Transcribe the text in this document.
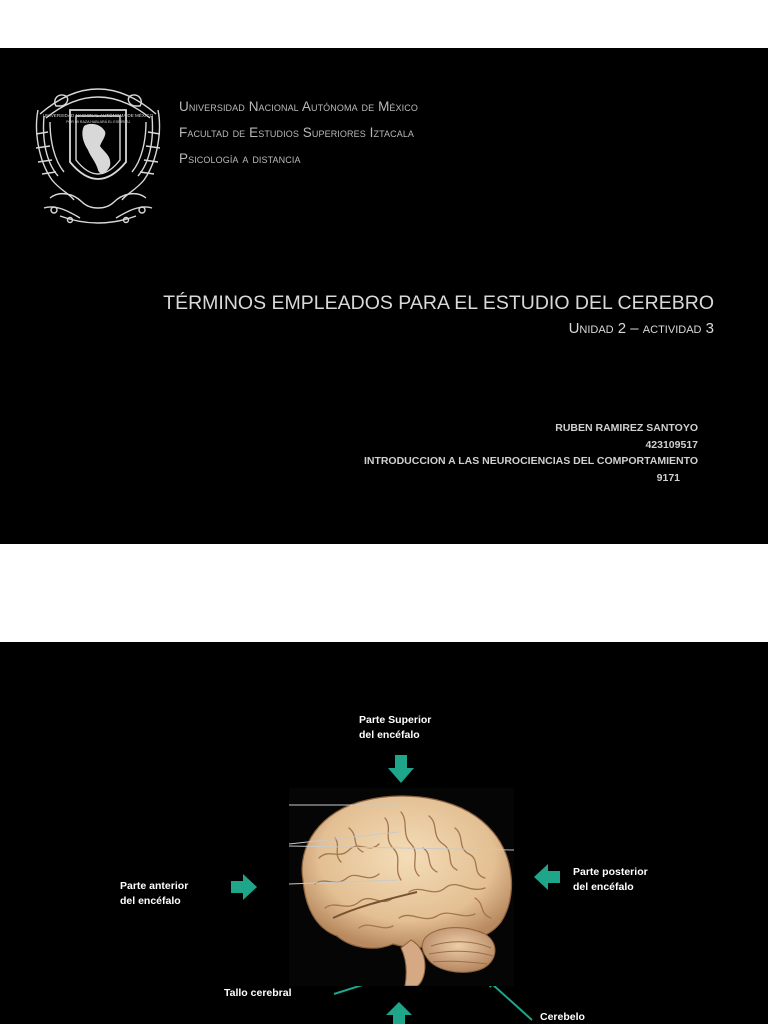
UNIVERSIDAD NACIONAL AUTÓNOMA DE MÉXICO
POR MI RAZA HABLARÁ EL ESPÍRITU
Universidad Nacional Autónoma de México
Facultad de Estudios Superiores Iztacala
Psicología a distancia
TÉRMINOS EMPLEADOS PARA EL ESTUDIO DEL CEREBRO
Unidad 2 – actividad 3
RUBEN RAMIREZ SANTOYO
423109517
INTRODUCCION A LAS NEUROCIENCIAS DEL COMPORTAMIENTO
9171
Parte Superior
del encéfalo
Parte anterior
del encéfalo
Parte posterior
del encéfalo
Tallo cerebral
Cerebelo
